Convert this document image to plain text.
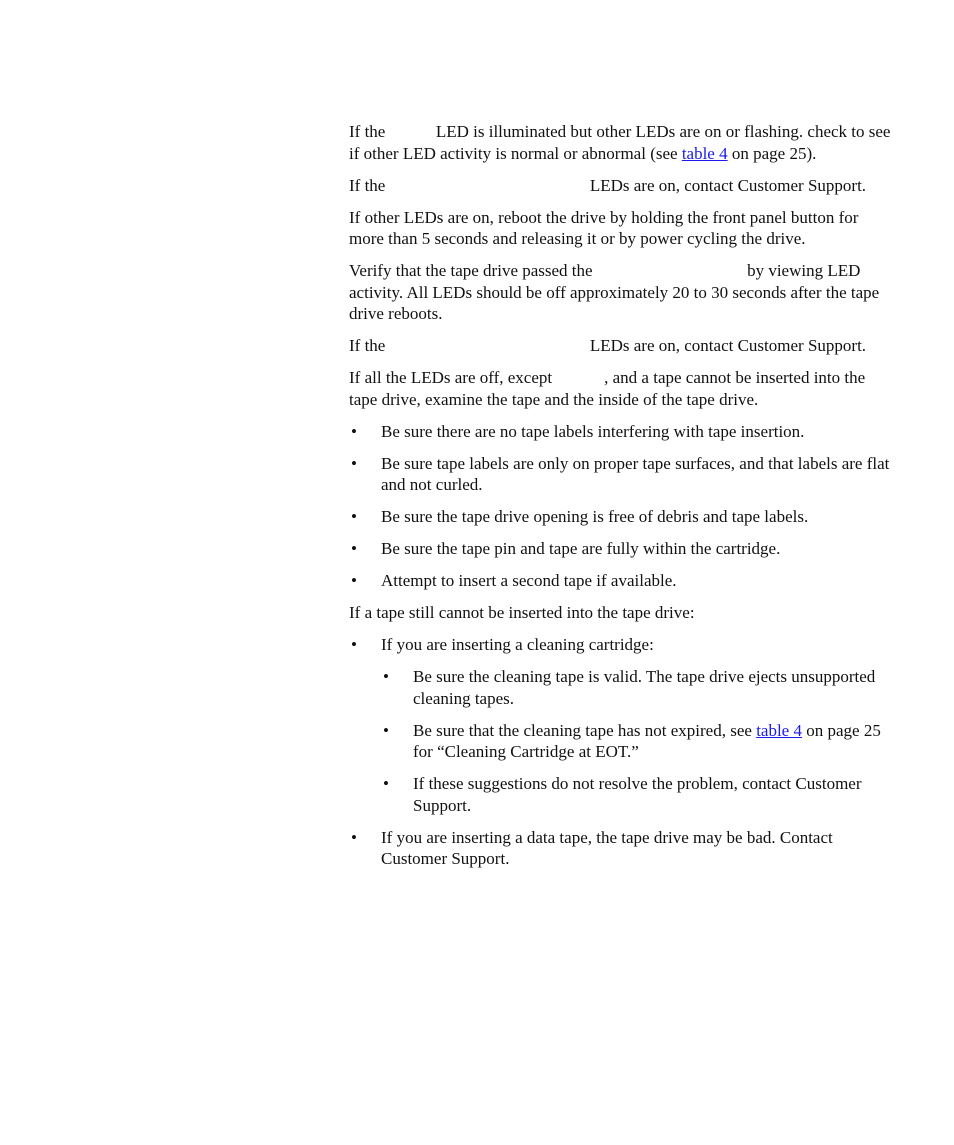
If the	LED is illuminated but other LEDs are on or flashing. check to see if other LED activity is normal or abnormal (see table 4 on page 25).

If the	LEDs are on, contact Customer Support.

If other LEDs are on, reboot the drive by holding the front panel button for more than 5 seconds and releasing it or by power cycling the drive.

Verify that the tape drive passed the	by viewing LED activity. All LEDs should be off approximately 20 to 30 seconds after the tape drive reboots.

If the	LEDs are on, contact Customer Support.

If all the LEDs are off, except	, and a tape cannot be inserted into the tape drive, examine the tape and the inside of the tape drive.

• Be sure there are no tape labels interfering with tape insertion.
• Be sure tape labels are only on proper tape surfaces, and that labels are flat and not curled.
• Be sure the tape drive opening is free of debris and tape labels.
• Be sure the tape pin and tape are fully within the cartridge.
• Attempt to insert a second tape if available.

If a tape still cannot be inserted into the tape drive:

• If you are inserting a cleaning cartridge:
• Be sure the cleaning tape is valid. The tape drive ejects unsupported cleaning tapes.
• Be sure that the cleaning tape has not expired, see table 4 on page 25 for “Cleaning Cartridge at EOT.”
• If these suggestions do not resolve the problem, contact Customer Support.
• If you are inserting a data tape, the tape drive may be bad. Contact Customer Support.
